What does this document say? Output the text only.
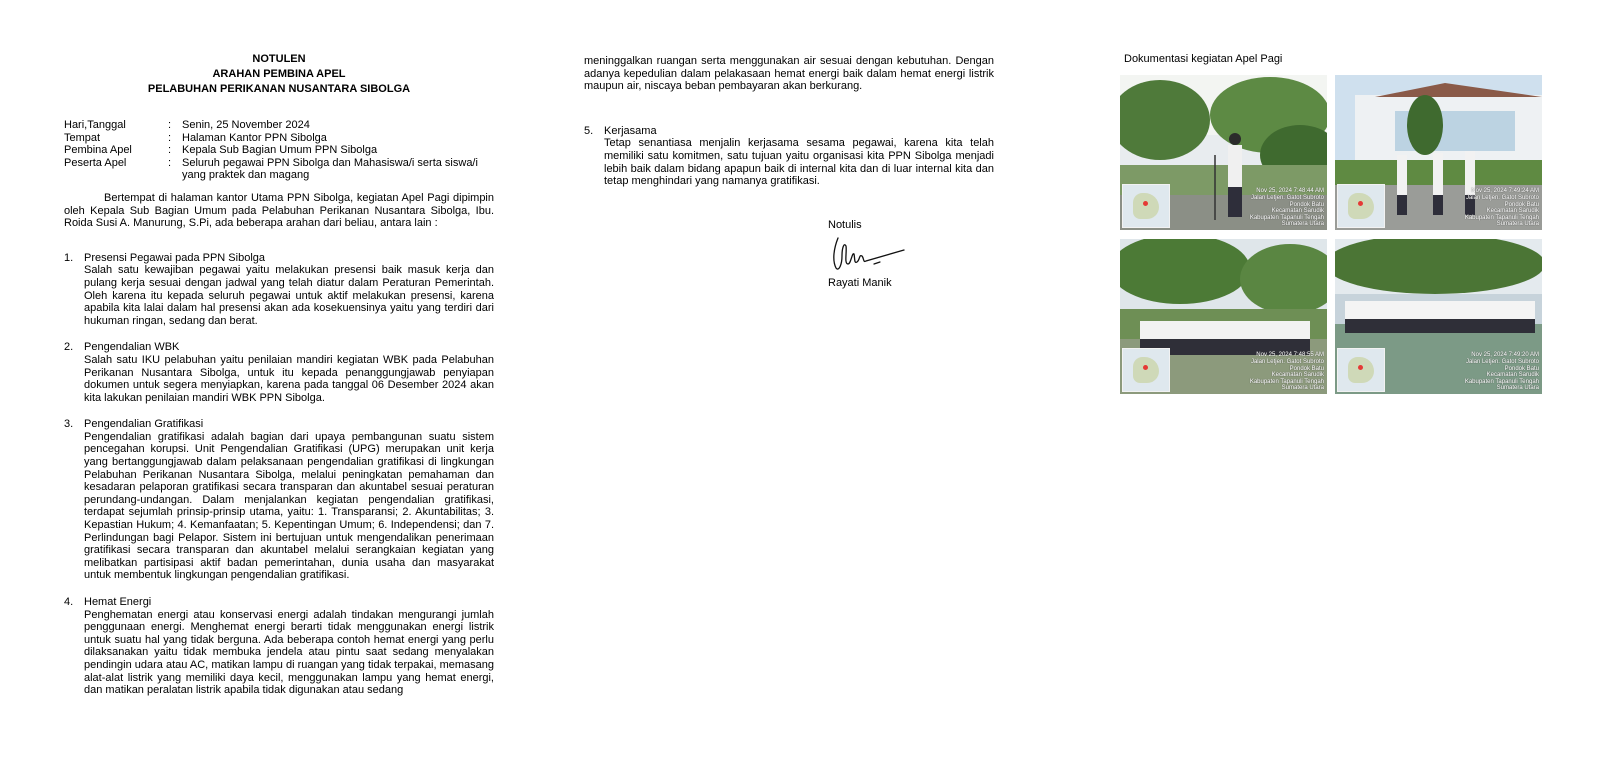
NOTULEN
ARAHAN PEMBINA APEL
PELABUHAN PERIKANAN NUSANTARA SIBOLGA
Hari,Tanggal	: Senin, 25 November 2024
Tempat	: Halaman Kantor PPN Sibolga
Pembina Apel	: Kepala Sub Bagian Umum PPN Sibolga
Peserta Apel	: Seluruh pegawai PPN Sibolga dan Mahasiswa/i serta siswa/i yang praktek dan magang
Bertempat di halaman kantor Utama PPN Sibolga, kegiatan Apel Pagi dipimpin oleh Kepala Sub Bagian Umum pada Pelabuhan Perikanan Nusantara Sibolga, Ibu. Roida Susi A. Manurung, S.Pi, ada beberapa arahan dari beliau, antara lain :
1. Presensi Pegawai pada PPN Sibolga
Salah satu kewajiban pegawai yaitu melakukan presensi baik masuk kerja dan pulang kerja sesuai dengan jadwal yang telah diatur dalam Peraturan Pemerintah. Oleh karena itu kepada seluruh pegawai untuk aktif melakukan presensi, karena apabila kita lalai dalam hal presensi akan ada kosekuensinya yaitu yang terdiri dari hukuman ringan, sedang dan berat.
2. Pengendalian WBK
Salah satu IKU pelabuhan yaitu penilaian mandiri kegiatan WBK pada Pelabuhan Perikanan Nusantara Sibolga, untuk itu kepada penanggungjawab penyiapan dokumen untuk segera menyiapkan, karena pada tanggal 06 Desember 2024 akan kita lakukan penilaian mandiri WBK PPN Sibolga.
3. Pengendalian Gratifikasi
Pengendalian gratifikasi adalah bagian dari upaya pembangunan suatu sistem pencegahan korupsi. Unit Pengendalian Gratifikasi (UPG) merupakan unit kerja yang bertanggungjawab dalam pelaksanaan pengendalian gratifikasi di lingkungan Pelabuhan Perikanan Nusantara Sibolga, melalui peningkatan pemahaman dan kesadaran pelaporan gratifikasi secara transparan dan akuntabel sesuai peraturan perundang-undangan. Dalam menjalankan kegiatan pengendalian gratifikasi, terdapat sejumlah prinsip-prinsip utama, yaitu: 1. Transparansi; 2. Akuntabilitas; 3. Kepastian Hukum; 4. Kemanfaatan; 5. Kepentingan Umum; 6. Independensi; dan 7. Perlindungan bagi Pelapor. Sistem ini bertujuan untuk mengendalikan penerimaan gratifikasi secara transparan dan akuntabel melalui serangkaian kegiatan yang melibatkan partisipasi aktif badan pemerintahan, dunia usaha dan masyarakat untuk membentuk lingkungan pengendalian gratifikasi.
4. Hemat Energi
Penghematan energi atau konservasi energi adalah tindakan mengurangi jumlah penggunaan energi. Menghemat energi berarti tidak menggunakan energi listrik untuk suatu hal yang tidak berguna. Ada beberapa contoh hemat energi yang perlu dilaksanakan yaitu tidak membuka jendela atau pintu saat sedang menyalakan pendingin udara atau AC, matikan lampu di ruangan yang tidak terpakai, memasang alat-alat listrik yang memiliki daya kecil, menggunakan lampu yang hemat energi, dan matikan peralatan listrik apabila tidak digunakan atau sedang
meninggalkan ruangan serta menggunakan air sesuai dengan kebutuhan. Dengan adanya kepedulian dalam pelakasaan hemat energi baik dalam hemat energi listrik maupun air, niscaya beban pembayaran akan berkurang.
5. Kerjasama
Tetap senantiasa menjalin kerjasama sesama pegawai, karena kita telah memiliki satu komitmen, satu tujuan yaitu organisasi kita PPN Sibolga menjadi lebih baik dalam bidang apapun baik di internal kita dan di luar internal kita dan tetap menghindari yang namanya gratifikasi.
Notulis
Rayati Manik
Dokumentasi kegiatan Apel Pagi
Nov 25, 2024 7:48:44 AM
Jalan Letjen. Gatot Subroto
Pondok Batu
Kecamatan Sarudik
Kabupaten Tapanuli Tengah
Sumatera Utara
Nov 25, 2024 7:49:24 AM
Jalan Letjen. Gatot Subroto
Pondok Batu
Kecamatan Sarudik
Kabupaten Tapanuli Tengah
Sumatera Utara
Nov 25, 2024 7:48:55 AM
Jalan Letjen. Gatot Subroto
Pondok Batu
Kecamatan Sarudik
Kabupaten Tapanuli Tengah
Sumatera Utara
Nov 25, 2024 7:49:20 AM
Jalan Letjen. Gatot Subroto
Pondok Batu
Kecamatan Sarudik
Kabupaten Tapanuli Tengah
Sumatera Utara
